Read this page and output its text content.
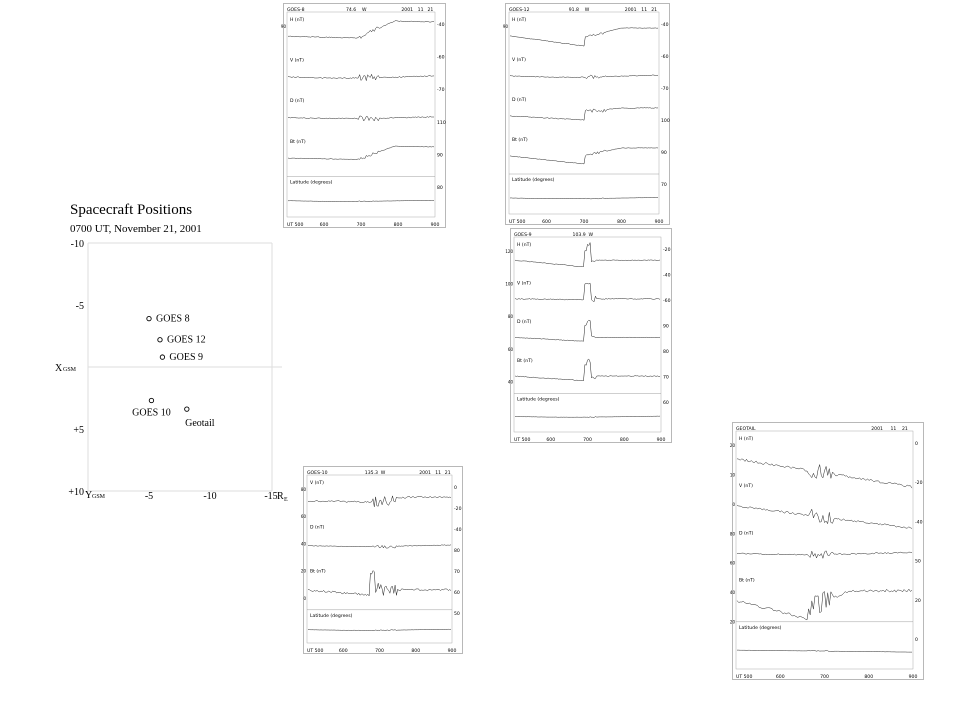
Spacecraft Positions
0700 UT, November 21, 2001
-10
-5
+5
+10	-5	-10	-15
X GSM
Y GSM	R E
GOES 8
GOES 12
GOES 9
GOES 10
Geotail
GOES-8	74.6 W	2001 11 21
H (nT)
V (nT)
D (nT)
Bt (nT)
Latitude (degrees)
-40
-60
-70
110
90
80
90
UT 500	600	700	800	900
GOES-12	91.8 W	2001 11 21
H (nT)
V (nT)
D (nT)
Bt (nT)
Latitude (degrees)
-40
-60
-70
100
90
70
90
UT 500	600	700	800	900
GOES-9	103.9 W
H (nT)
V (nT)
D (nT)
Bt (nT)
Latitude (degrees)
-20
-40
-60
90
80
70
60
120
100
80
60
40
UT 500	600	700	800	900
GOES-10	135.3 W	2001 11 21
V (nT)
D (nT)
Bt (nT)
Latitude (degrees)
0
-20
-40
80
70
60
50
80
60
40
20
0
UT 500	600	700	800	900
GEOTAIL	2001 11 21
H (nT)
V (nT)
D (nT)
Bt (nT)
Latitude (degrees)
0
-20
-40
50
20
0
20
10
0
80
60
40
20
UT 500	600	700	800	900
